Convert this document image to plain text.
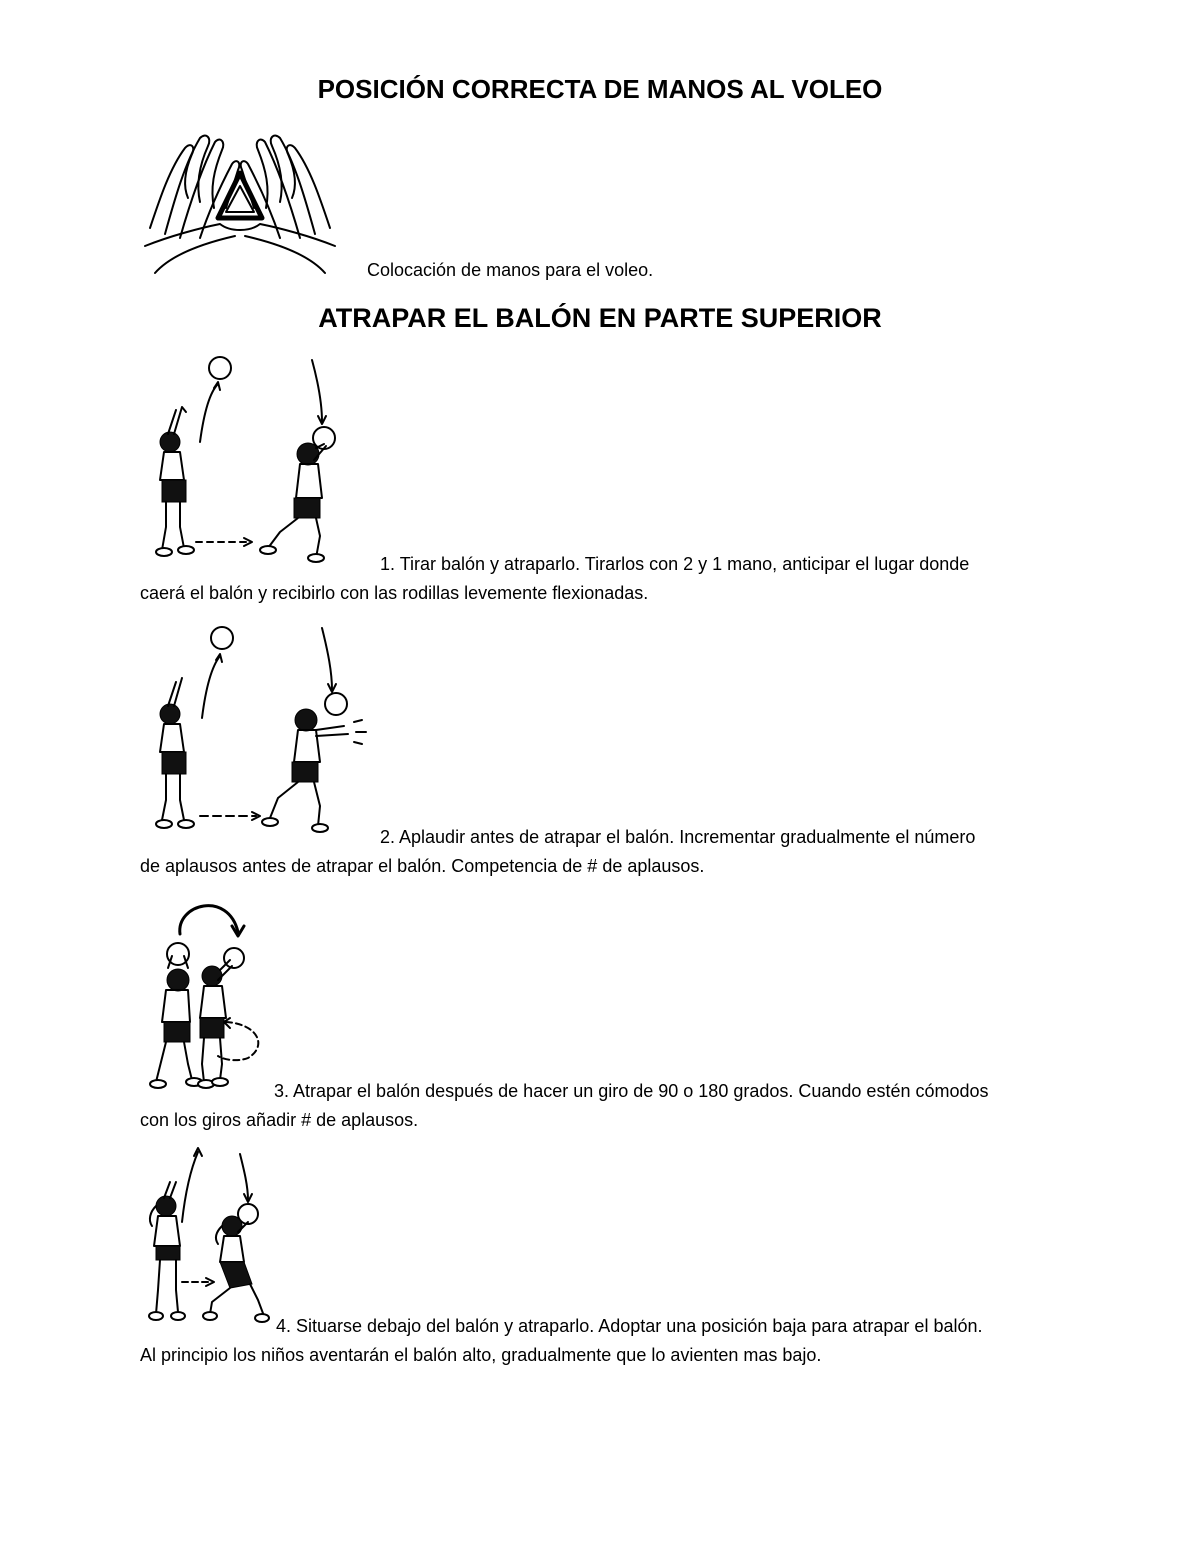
POSICIÓN CORRECTA DE MANOS AL VOLEO
Colocación de manos para el voleo.
ATRAPAR EL BALÓN EN PARTE SUPERIOR
1. Tirar balón y atraparlo. Tirarlos con 2 y 1 mano, anticipar el lugar donde
caerá el balón y recibirlo con las rodillas levemente flexionadas.
2. Aplaudir antes de atrapar el balón. Incrementar gradualmente el número
de aplausos antes de atrapar el balón. Competencia de # de aplausos.
3. Atrapar el balón después de hacer un giro de 90 o 180 grados. Cuando estén cómodos
con los giros añadir # de aplausos.
4. Situarse debajo del balón y atraparlo. Adoptar una posición baja para atrapar el balón.
Al principio los niños aventarán el balón alto, gradualmente que lo avienten mas bajo.
